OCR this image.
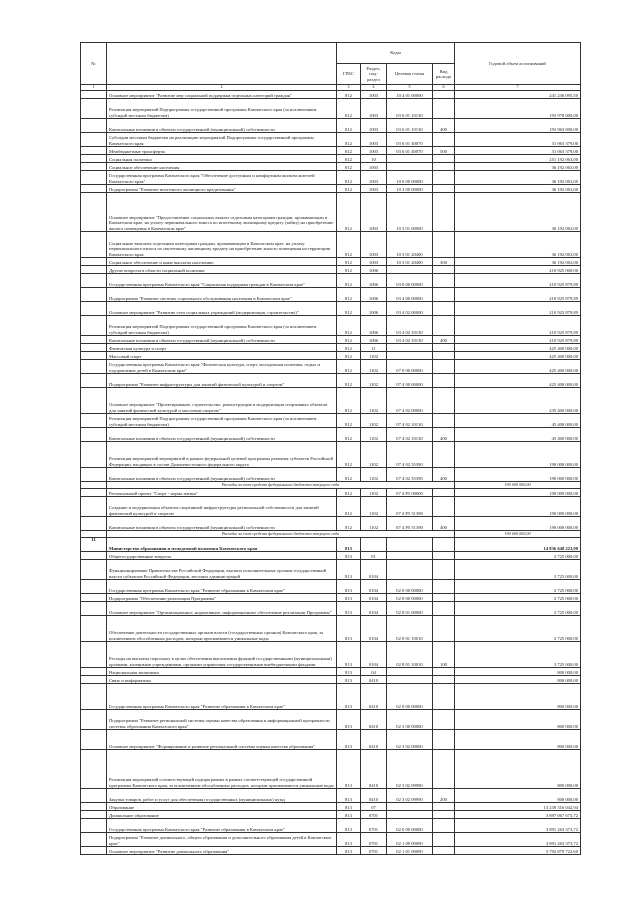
№		Коды				Годовой объем ассигнований
		ГРБС	Раздел, под-раздел	Целевая статья	Вид расхода	
1	2	3	4	5	6	7
	Основное мероприятие "Развитие мер социальной поддержки отдельных категорий граждан"	812	1003	10 4 01 00000		241 236 095,50
	Реализация мероприятий Подпрограммы государственной программы Камчатского края (за исключением субсидий местным бюджетам)	812	1003	03 6 01 10130		193 978 000,00
	Капитальные вложения в объекты государственной (муниципальной) собственности	812	1003	03 6 01 10130	400	193 963 000,00
	Субсидии местным бюджетам на реализацию мероприятий Подпрограммы государственной программы Камчатского края	812	1003	03 6 01 40070		31 063 379,00
	Межбюджетные трансферты	812	1003	03 6 01 40070	500	31 063 379,00
	Социальная политика	812	10			251 192 063,00
	Социальное обеспечение населения	812	1003			36 192 063,00
	Государственная программа Камчатского края "Обеспечение доступным и комфортным жильем жителей Камчатского края"	812	1003	10 0 00 00000		36 192 063,00
	Подпрограмма "Развитие ипотечного жилищного кредитования"	812	1003	10 3 00 00000		36 192 063,00
	Основное мероприятие "Предоставление социальных выплат отдельным категориям граждан, проживающим в Камчатском крае, на уплату первоначального взноса по ипотечному жилищному кредиту (займу) на приобретение жилого помещения в Камчатском крае"	812	1003	10 3 01 00000		36 192 063,00
	Социальные выплаты отдельным категориям граждан, проживающим в Камчатском крае, на уплату первоначального взноса по ипотечному жилищному кредиту на приобретение жилого помещения на территории Камчатского края	812	1003	10 3 01 20400		36 192 063,00
	Социальное обеспечение и иные выплаты населению	812	1003	10 3 01 20400	300	36 192 063,00
	Другие вопросы в области социальной политики	812	1006			210 925 000,00
	Государственная программа Камчатского края "Социальная поддержка граждан в Камчатском крае"	812	1006	03 0 00 00000		210 925 879,89
	Подпрограмма "Развитие системы социального обслуживания населения в Камчатском крае"	812	1006	03 4 00 00000		210 925 879,89
	Основное мероприятие "Развитие сети социальных учреждений (модернизация, строительство)"	812	1006	03 4 02 00000		210 925 879,89
	Реализация мероприятий Подпрограммы государственной программы Камчатского края (за исключением субсидий местным бюджетам)	812	1006	03 4 02 10130		210 925 879,89
	Капитальные вложения в объекты государственной (муниципальной) собственности	812	1006	03 4 02 10130	400	210 925 879,89
	Физическая культура и спорт	812	11			425 400 000,00
	Массовый спорт	812	1102			425 400 000,00
	Государственная программа Камчатского края "Физическая культура, спорт, молодежная политика, отдых и оздоровление детей в Камчатском крае"	812	1102	07 0 00 00000		425 400 000,00
	Подпрограмма "Развитие инфраструктуры для занятий физической культурой и спортом"	812	1102	07 4 00 00000		425 400 000,00
	Основное мероприятие "Проектирование, строительство, реконструкция и модернизация спортивных объектов для занятий физической культурой и массовым спортом"	812	1102	07 4 02 00000		235 400 000,00
	Реализация мероприятий Подпрограммы государственной программы Камчатского края (за исключением субсидий местным бюджетам)	812	1102	07 4 02 10130		45 400 000,00
	Капитальные вложения в объекты государственной (муниципальной) собственности	812	1102	07 4 02 10130	400	45 400 000,00
	Реализация мероприятий мероприятий в рамках федеральной целевой программы развития субъектов Российской Федерации, входящих в состав Дальневосточного федерального округа	812	1102	07 4 02 55390		190 000 000,00
	Капитальные вложения в объекты государственной (муниципальной) собственности	812	1102	07 4 02 55390	400	190 000 000,00
	Расходы за счет средств федерального бюджета текущего года					190 000 000,00
	Региональный проект "Спорт - норма жизни"	812	1102	07 4 P5 00000		190 000 000,00
	Создание и модернизация объектов спортивной инфраструктуры региональной собственности для занятий физической культурой и спортом	812	1102	07 4 P5 51390		190 000 000,00
	Капитальные вложения в объекты государственной (муниципальной) собственности	812	1102	07 4 P5 51390	400	190 000 000,00
	Расходы за счет средств федерального бюджета текущего года					190 000 000,00
11	Министерство образования и молодежной политики Камчатского края	813				14 836 648 223,90
	Общегосударственные вопросы	813	01			3 725 000,00
	Функционирование Правительства Российской Федерации, высших исполнительных органов государственной власти субъектов Российской Федерации, местных администраций	813	0104			3 725 000,00
	Государственная программа Камчатского края "Развитие образования в Камчатском крае"	813	0104	02 0 00 00000		3 725 000,00
	Подпрограмма "Обеспечение реализации Программы"	813	0104	02 8 00 00000		3 725 000,00
	Основное мероприятие "Организационное, нормативное, информационное обеспечение реализации Программы"	813	0104	02 8 01 00000		3 725 000,00
	Обеспечение деятельности государственных органов власти (государственных органов) Камчатского края, за исключением обособленных расходов, которым присваиваются уникальные коды	813	0104	02 8 01 10010		3 725 000,00
	Расходы на выплаты персоналу в целях обеспечения выполнения функций государственными (муниципальными) органами, казенными учреждениями, органами управления государственными внебюджетными фондами	813	0104	02 8 01 10010	100	3 725 000,00
	Национальная экономика	813	04			800 000,00
	Связь и информатика	813	0410			800 000,00
	Государственная программа Камчатского края "Развитие образования в Камчатском крае"	813	0410	02 0 00 00000		800 000,00
	Подпрограмма "Развитие региональной системы оценки качества образования и информационной прозрачности системы образования Камчатского края"	813	0410	02 3 00 00000		800 000,00
	Основное мероприятие "Формирование и развитие региональной системы оценки качества образования"	813	0410	02 3 02 00000		800 000,00
	Реализация мероприятий соответствующей подпрограммы в рамках соответствующей государственной программы Камчатского края, за исключением обособленных расходов, которым присваиваются уникальные коды	813	0410	02 3 02 09990		800 000,00
	Закупка товаров, работ и услуг для обеспечения государственных (муниципальных) нужд	813	0410	02 3 02 09990	200	800 000,00
	Образование	813	07			13 239 316 042,94
	Дошкольное образование	813	0701			3 897 067 675,72
	Государственная программа Камчатского края "Развитие образования в Камчатском крае"	813	0701	02 0 00 00000		3 891 263 373,72
	Подпрограмма "Развитие дошкольного, общего образования и дополнительного образования детей в Камчатском крае"	813	0701	02 1 00 00000		3 891 263 373,72
	Основное мероприятие "Развитие дошкольного образования"	813	0701	02 1 01 00000		3 792 879 722,60
